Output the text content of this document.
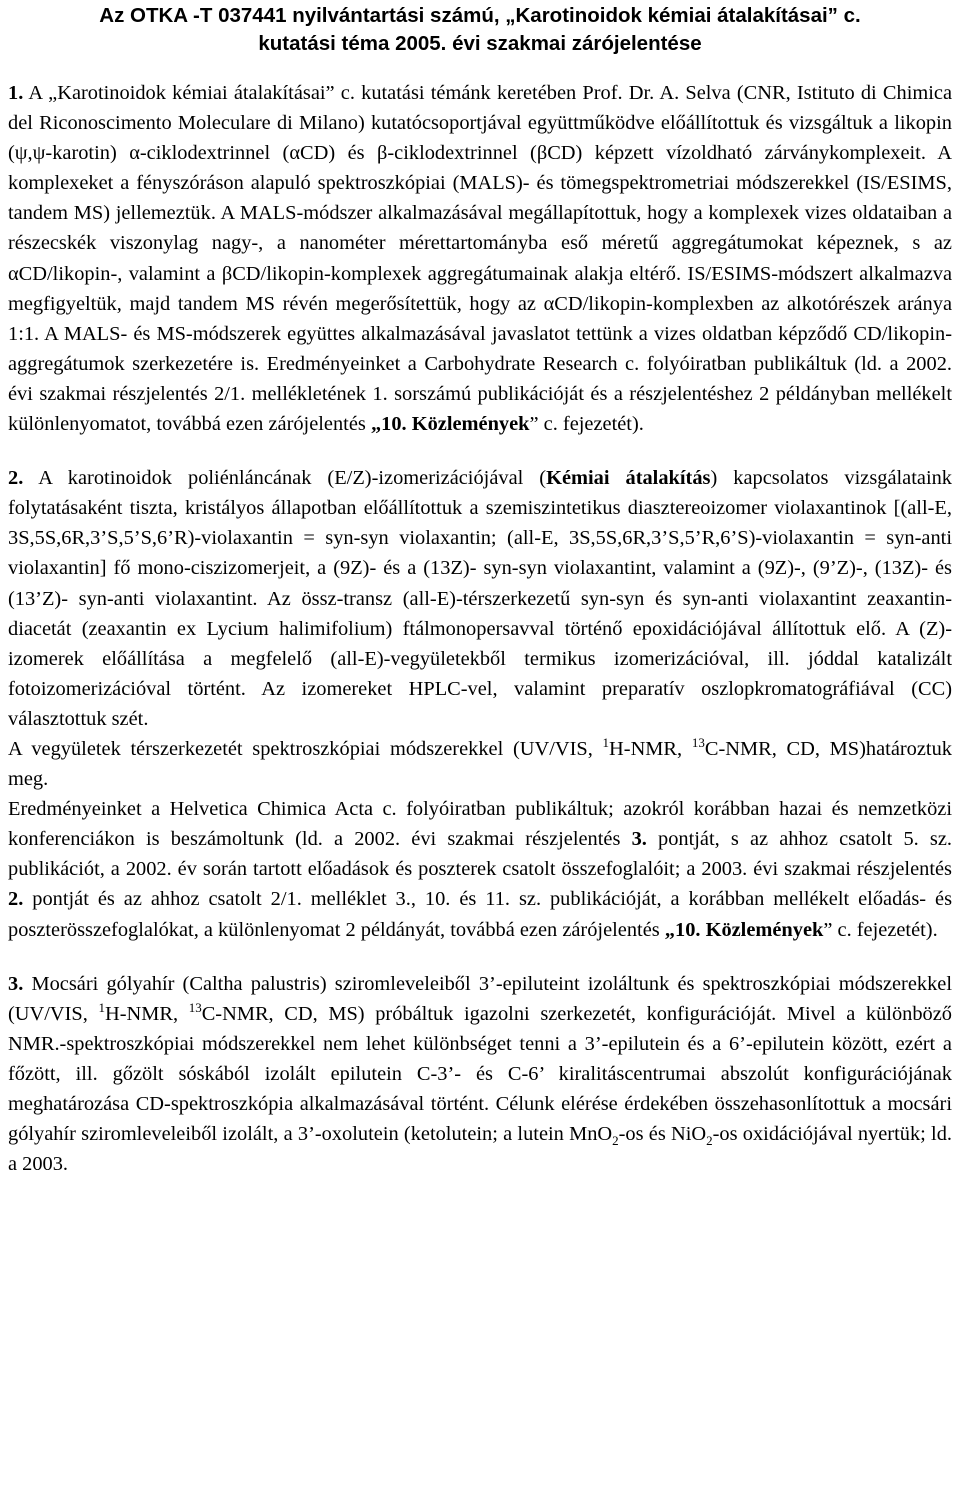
Az OTKA -T 037441 nyilvántartási számú, „Karotinoidok kémiai átalakításai” c.
kutatási téma 2005. évi szakmai zárójelentése

1. A „Karotinoidok kémiai átalakításai” c. kutatási témánk keretében Prof. Dr. A. Selva (CNR, Istituto di Chimica del Riconoscimento Moleculare di Milano) kutatócsoportjával együttműködve előállítottuk és vizsgáltuk a likopin (ψ,ψ-karotin) α-ciklodextrinnel (αCD) és β-ciklodextrinnel (βCD) képzett vízoldható zárványkomplexeit. A komplexeket a fényszóráson alapuló spektroszkópiai (MALS)- és tömegspektrometriai módszerekkel (IS/ESIMS, tandem MS) jellemeztük. A MALS-módszer alkalmazásával megállapítottuk, hogy a komplexek vizes oldataiban a részecskék viszonylag nagy-, a nanométer mérettartományba eső méretű aggregátumokat képeznek, s az αCD/likopin-, valamint a βCD/likopin-komplexek aggregátumainak alakja eltérő. IS/ESIMS-módszert alkalmazva megfigyeltük, majd tandem MS révén megerősítettük, hogy az αCD/likopin-komplexben az alkotórészek aránya 1:1. A MALS- és MS-módszerek együttes alkalmazásával javaslatot tettünk a vizes oldatban képződő CD/likopin-aggregátumok szerkezetére is. Eredményeinket a Carbohydrate Research c. folyóiratban publikáltuk (ld. a 2002. évi szakmai részjelentés 2/1. mellékletének 1. sorszámú publikációját és a részjelentéshez 2 példányban mellékelt különlenyomatot, továbbá ezen zárójelentés „10. Közlemények” c. fejezetét).

2. A karotinoidok poliénláncának (E/Z)-izomerizációjával (Kémiai átalakítás) kapcsolatos vizsgálataink folytatásaként tiszta, kristályos állapotban előállítottuk a szemiszintetikus diasztereoizomer violaxantinok [(all-E, 3S,5S,6R,3’S,5’S,6’R)-violaxantin = syn-syn violaxantin; (all-E, 3S,5S,6R,3’S,5’R,6’S)-violaxantin = syn-anti violaxantin] fő mono-ciszizomerjeit, a (9Z)- és a (13Z)- syn-syn violaxantint, valamint a (9Z)-, (9’Z)-, (13Z)- és (13’Z)- syn-anti violaxantint. Az össz-transz (all-E)-térszerkezetű syn-syn és syn-anti violaxantint zeaxantin-diacetát (zeaxantin ex Lycium halimifolium) ftálmonopersavval történő epoxidációjával állítottuk elő. A (Z)-izomerek előállítása a megfelelő (all-E)-vegyületekből termikus izomerizációval, ill. jóddal katalizált fotoizomerizációval történt. Az izomereket HPLC-vel, valamint preparatív oszlopkromatográfiával (CC) választottuk szét.
A vegyületek térszerkezetét spektroszkópiai módszerekkel (UV/VIS, $^1$H-NMR, $^{13}$C-NMR, CD, MS)határoztuk meg.
Eredményeinket a Helvetica Chimica Acta c. folyóiratban publikáltuk; azokról korábban hazai és nemzetközi konferenciákon is beszámoltunk (ld. a 2002. évi szakmai részjelentés 3. pontját, s az ahhoz csatolt 5. sz. publikációt, a 2002. év során tartott előadások és poszterek csatolt összefoglalóit; a 2003. évi szakmai részjelentés 2. pontját és az ahhoz csatolt 2/1. melléklet 3., 10. és 11. sz. publikációját, a korábban mellékelt előadás- és poszterösszefoglalókat, a különlenyomat 2 példányát, továbbá ezen zárójelentés „10. Közlemények” c. fejezetét).

3. Mocsári gólyahír (Caltha palustris) sziromleveleiből 3’-epiluteint izoláltunk és spektroszkópiai módszerekkel (UV/VIS, $^1$H-NMR, $^{13}$C-NMR, CD, MS) próbáltuk igazolni szerkezetét, konfigurációját. Mivel a különböző NMR.-spektroszkópiai módszerekkel nem lehet különbséget tenni a 3’-epilutein és a 6’-epilutein között, ezért a főzött, ill. gőzölt sóskából izolált epilutein C-3’- és C-6’ kiralitáscentrumai abszolút konfigurációjának meghatározása CD-spektroszkópia alkalmazásával történt. Célunk elérése érdekében összehasonlítottuk a mocsári gólyahír sziromleveleiből izolált, a 3’-oxolutein (ketolutein; a lutein MnO$_2$-os és NiO$_2$-os oxidációjával nyertük; ld. a 2003.
